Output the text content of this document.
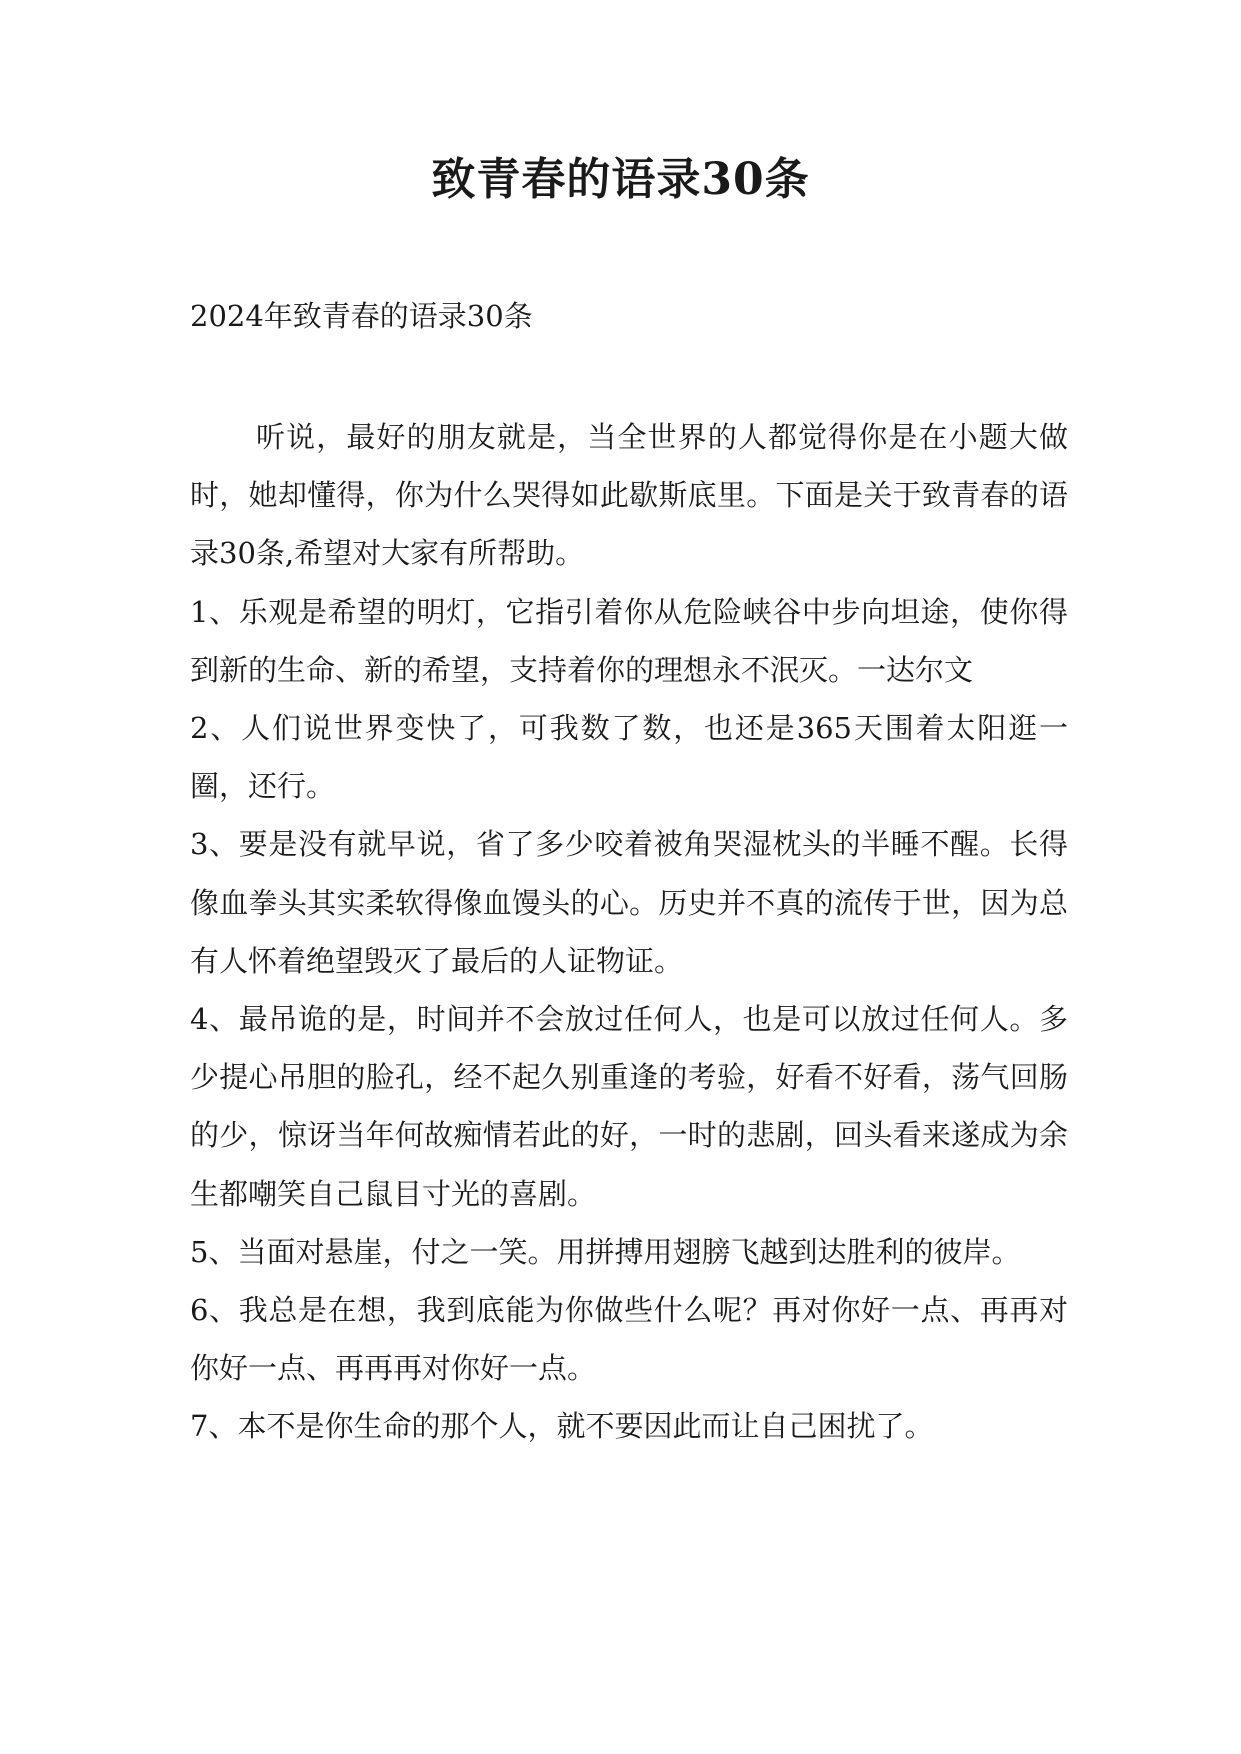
致青春的语录30条

2024年致青春的语录30条

听说，最好的朋友就是，当全世界的人都觉得你是在小题大做时，她却懂得，你为什么哭得如此歇斯底里。下面是关于致青春的语录30条,希望对大家有所帮助。

1、乐观是希望的明灯，它指引着你从危险峡谷中步向坦途，使你得到新的生命、新的希望，支持着你的理想永不泯灭。一达尔文

2、人们说世界变快了，可我数了数，也还是365天围着太阳逛一圈，还行。

3、要是没有就早说，省了多少咬着被角哭湿枕头的半睡不醒。长得像血拳头其实柔软得像血馒头的心。历史并不真的流传于世，因为总有人怀着绝望毁灭了最后的人证物证。

4、最吊诡的是，时间并不会放过任何人，也是可以放过任何人。多少提心吊胆的脸孔，经不起久别重逢的考验，好看不好看，荡气回肠的少，惊讶当年何故痴情若此的好，一时的悲剧，回头看来遂成为余生都嘲笑自己鼠目寸光的喜剧。

5、当面对悬崖，付之一笑。用拼搏用翅膀飞越到达胜利的彼岸。

6、我总是在想，我到底能为你做些什么呢？再对你好一点、再再对你好一点、再再再对你好一点。

7、本不是你生命的那个人，就不要因此而让自己困扰了。
